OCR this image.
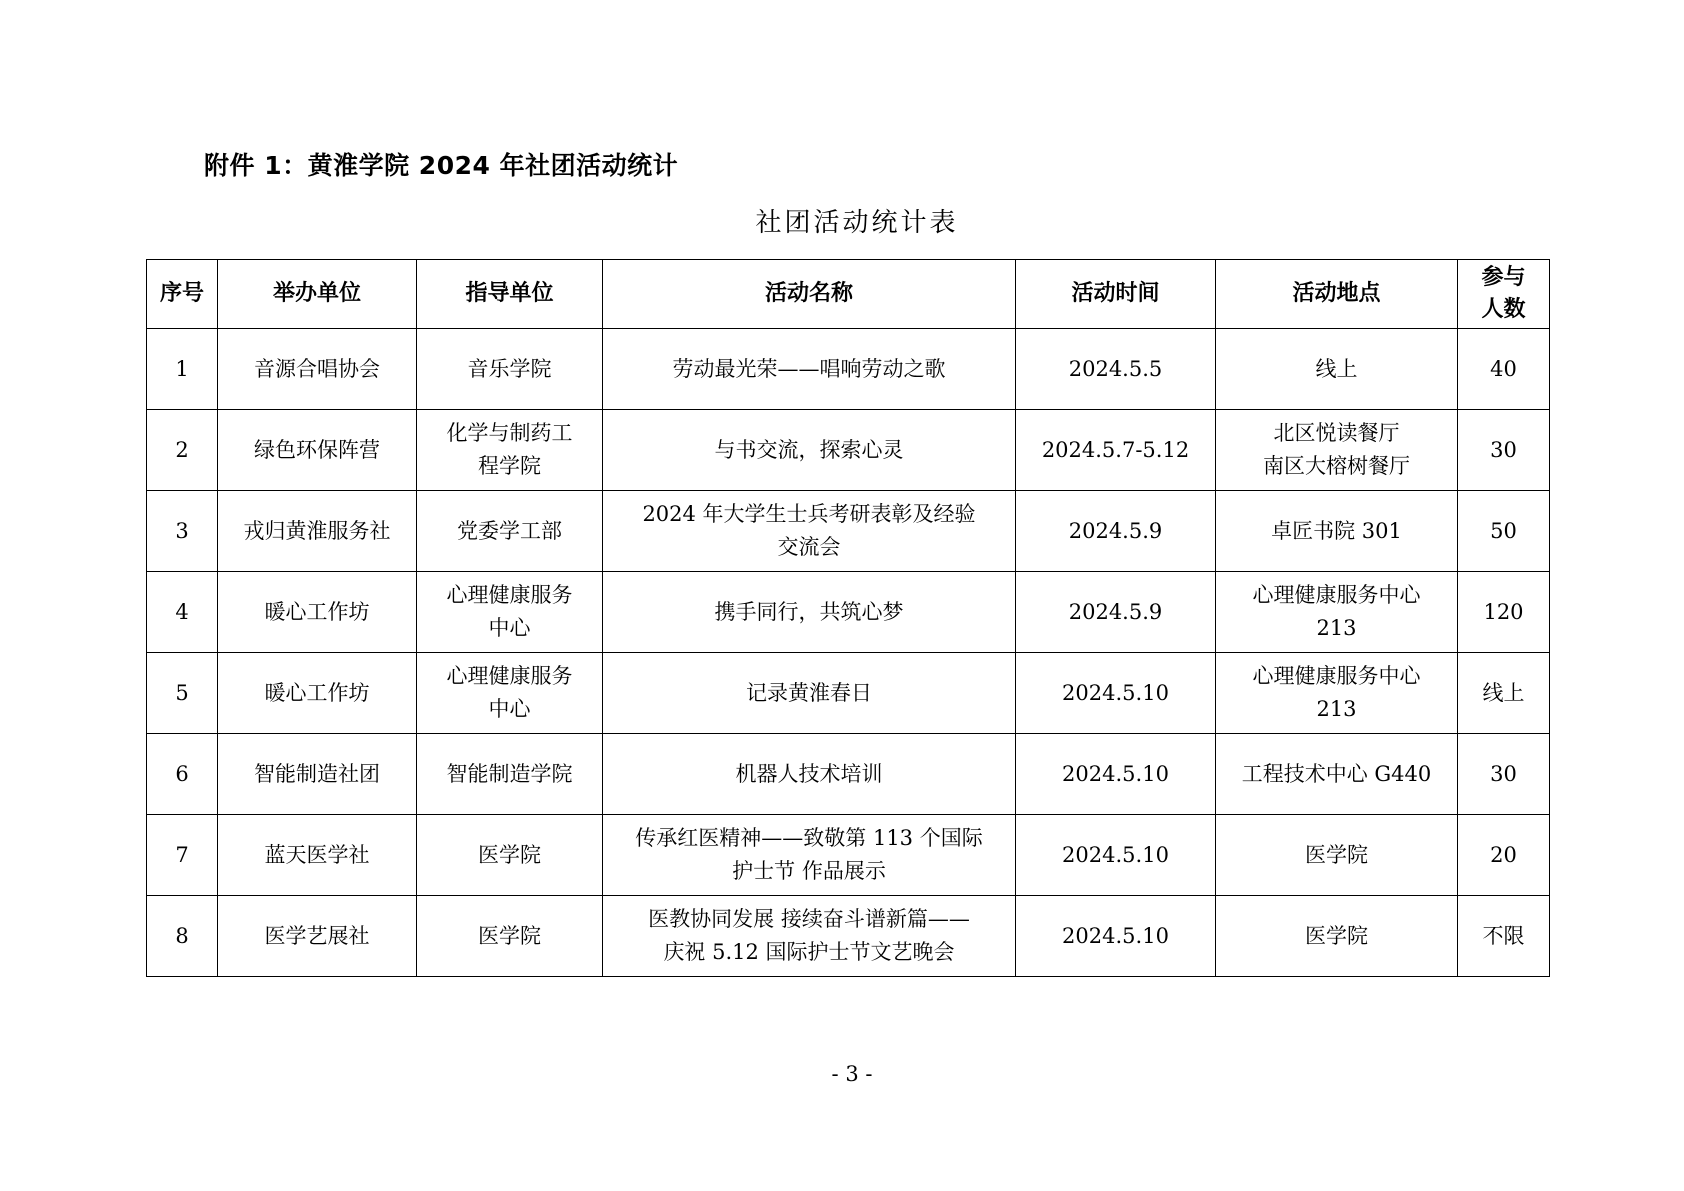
附件 1：黄淮学院 2024 年社团活动统计
社团活动统计表
序号	举办单位	指导单位	活动名称	活动时间	活动地点	参与
人数
1	音源合唱协会	音乐学院	劳动最光荣——唱响劳动之歌	2024.5.5	线上	40
2	绿色环保阵营	化学与制药工
程学院	与书交流，探索心灵	2024.5.7-5.12	北区悦读餐厅
南区大榕树餐厅	30
3	戎归黄淮服务社	党委学工部	2024 年大学生士兵考研表彰及经验
交流会	2024.5.9	卓匠书院 301	50
4	暖心工作坊	心理健康服务
中心	携手同行，共筑心梦	2024.5.9	心理健康服务中心
213	120
5	暖心工作坊	心理健康服务
中心	记录黄淮春日	2024.5.10	心理健康服务中心
213	线上
6	智能制造社团	智能制造学院	机器人技术培训	2024.5.10	工程技术中心 G440	30
7	蓝天医学社	医学院	传承红医精神——致敬第 113 个国际
护士节 作品展示	2024.5.10	医学院	20
8	医学艺展社	医学院	医教协同发展 接续奋斗谱新篇——
庆祝 5.12 国际护士节文艺晚会	2024.5.10	医学院	不限
- 3 -
